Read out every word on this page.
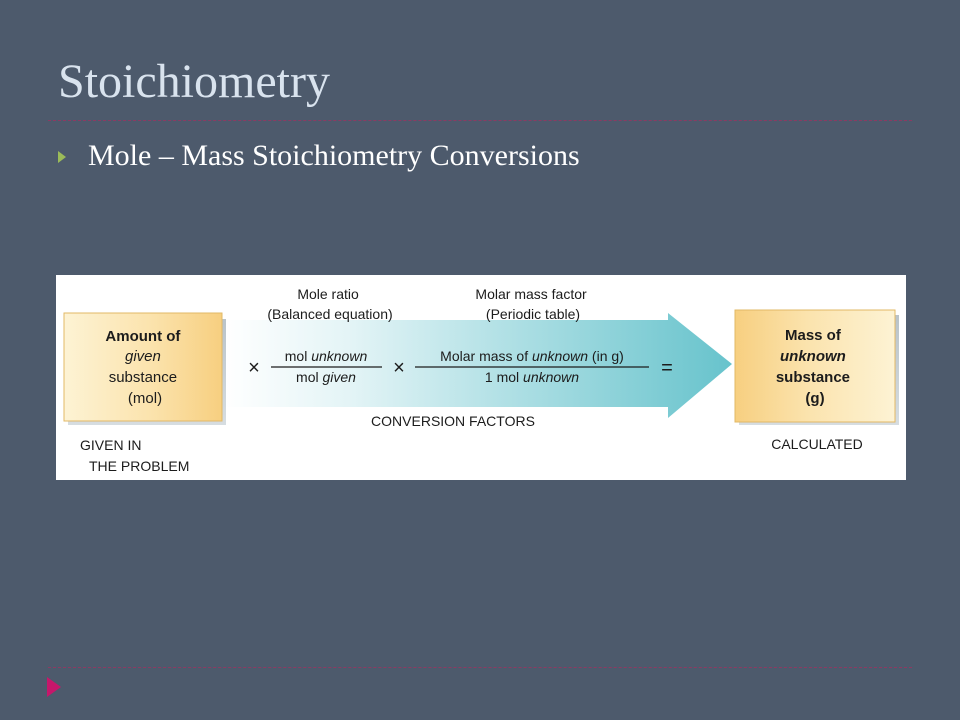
Stoichiometry
Mole – Mass Stoichiometry Conversions
Amount of given substance (mol)
GIVEN IN THE PROBLEM
Mole ratio (Balanced equation)
Molar mass factor (Periodic table)
×	×
mol unknown
mol given
Molar mass of unknown (in g)
1 mol unknown	=
CONVERSION FACTORS
Mass of unknown substance (g)
CALCULATED
